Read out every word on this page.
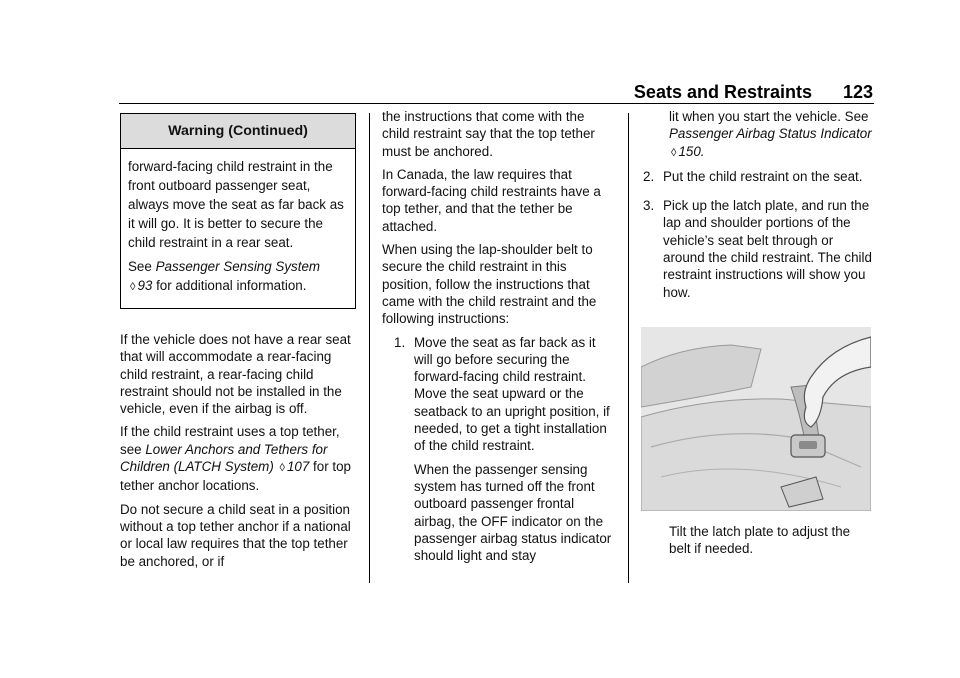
Seats and Restraints 123
Warning (Continued)

forward-facing child restraint in the front outboard passenger seat, always move the seat as far back as it will go. It is better to secure the child restraint in a rear seat.

See Passenger Sensing System
◊ 93 for additional information.

If the vehicle does not have a rear seat that will accommodate a rear-facing child restraint, a rear-facing child restraint should not be installed in the vehicle, even if the airbag is off.

If the child restraint uses a top tether, see Lower Anchors and Tethers for Children (LATCH System) ◊ 107 for top tether anchor locations.

Do not secure a child seat in a position without a top tether anchor if a national or local law requires that the top tether be anchored, or if

the instructions that come with the child restraint say that the top tether must be anchored.

In Canada, the law requires that forward-facing child restraints have a top tether, and that the tether be attached.

When using the lap-shoulder belt to secure the child restraint in this position, follow the instructions that came with the child restraint and the following instructions:

1. Move the seat as far back as it will go before securing the forward-facing child restraint. Move the seat upward or the seatback to an upright position, if needed, to get a tight installation of the child restraint.

When the passenger sensing system has turned off the front outboard passenger frontal airbag, the OFF indicator on the passenger airbag status indicator should light and stay

lit when you start the vehicle. See Passenger Airbag Status Indicator ◊ 150.

2. Put the child restraint on the seat.

3. Pick up the latch plate, and run the lap and shoulder portions of the vehicle’s seat belt through or around the child restraint. The child restraint instructions will show you how.

Tilt the latch plate to adjust the belt if needed.
